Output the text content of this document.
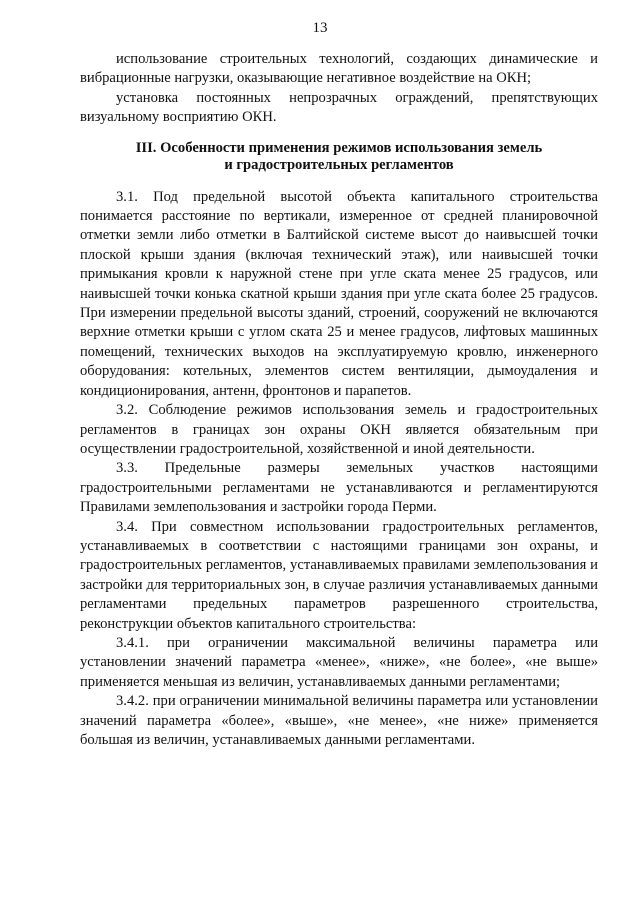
13

использование строительных технологий, создающих динамические и вибрационные нагрузки, оказывающие негативное воздействие на ОКН;

установка постоянных непрозрачных ограждений, препятствующих визуальному восприятию ОКН.

III. Особенности применения режимов использования земель
и градостроительных регламентов

3.1. Под предельной высотой объекта капитального строительства понимается расстояние по вертикали, измеренное от средней планировочной отметки земли либо отметки в Балтийской системе высот до наивысшей точки плоской крыши здания (включая технический этаж), или наивысшей точки примыкания кровли к наружной стене при угле ската менее 25 градусов, или наивысшей точки конька скатной крыши здания при угле ската более 25 градусов. При измерении предельной высоты зданий, строений, сооружений не включаются верхние отметки крыши с углом ската 25 и менее градусов, лифтовых машинных помещений, технических выходов на эксплуатируемую кровлю, инженерного оборудования: котельных, элементов систем вентиляции, дымоудаления и кондиционирования, антенн, фронтонов и парапетов.

3.2. Соблюдение режимов использования земель и градостроительных регламентов в границах зон охраны ОКН является обязательным при осуществлении градостроительной, хозяйственной и иной деятельности.

3.3. Предельные размеры земельных участков настоящими градостроительными регламентами не устанавливаются и регламентируются Правилами землепользования и застройки города Перми.

3.4. При совместном использовании градостроительных регламентов, устанавливаемых в соответствии с настоящими границами зон охраны, и градостроительных регламентов, устанавливаемых правилами землепользования и застройки для территориальных зон, в случае различия устанавливаемых данными регламентами предельных параметров разрешенного строительства, реконструкции объектов капитального строительства:

3.4.1. при ограничении максимальной величины параметра или установлении значений параметра «менее», «ниже», «не более», «не выше» применяется меньшая из величин, устанавливаемых данными регламентами;

3.4.2. при ограничении минимальной величины параметра или установлении значений параметра «более», «выше», «не менее», «не ниже» применяется большая из величин, устанавливаемых данными регламентами.
